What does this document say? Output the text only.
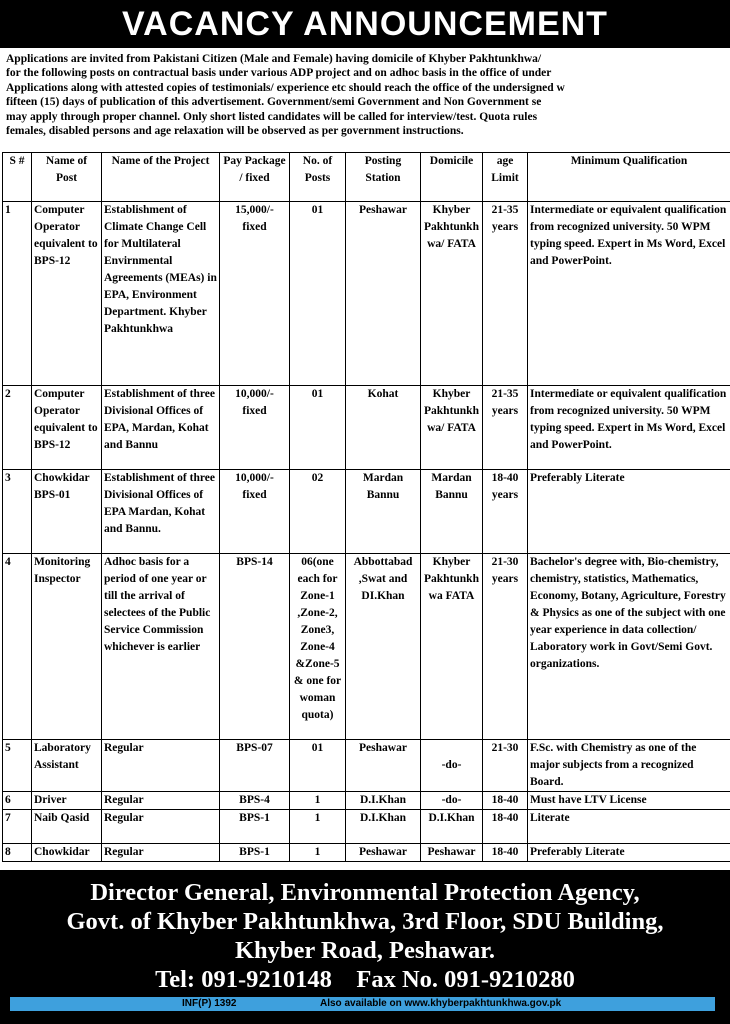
VACANCY ANNOUNCEMENT
Applications are invited from Pakistani Citizen (Male and Female) having domicile of Khyber Pakhtunkhwa/
for the following posts on contractual basis under various ADP project and on adhoc basis in the office of under
Applications along with attested copies of testimonials/ experience etc should reach the office of the undersigned w
fifteen (15) days of publication of this advertisement. Government/semi Government and Non Government se
may apply through proper channel. Only short listed candidates will be called for interview/test. Quota rules
females, disabled persons and age relaxation will be observed as per government instructions.
S #	Name of Post	Name of the Project	Pay Package / fixed	No. of Posts	Posting Station	Domicile	age Limit	Minimum Qualification
1	Computer Operator equivalent to BPS-12	Establishment of Climate Change Cell for Multilateral Envirnmental Agreements (MEAs) in EPA, Environment Department. Khyber Pakhtunkhwa	15,000/- fixed	01	Peshawar	Khyber Pakhtunkhwa/ FATA	21-35 years	Intermediate or equivalent qualification from recognized university. 50 WPM typing speed. Expert in Ms Word, Excel and PowerPoint.
2	Computer Operator equivalent to BPS-12	Establishment of three Divisional Offices of EPA, Mardan, Kohat and Bannu	10,000/- fixed	01	Kohat	Khyber Pakhtunkhwa/ FATA	21-35 years	Intermediate or equivalent qualification from recognized university. 50 WPM typing speed. Expert in Ms Word, Excel and PowerPoint.
3	Chowkidar BPS-01	Establishment of three Divisional Offices of EPA Mardan, Kohat and Bannu.	10,000/- fixed	02	Mardan Bannu	Mardan Bannu	18-40 years	Preferably Literate
4	Monitoring Inspector	Adhoc basis for a period of one year or till the arrival of selectees of the Public Service Commission whichever is earlier	BPS-14	06(one each for Zone-1 ,Zone-2, Zone3, Zone-4 &Zone-5 & one for woman quota)	Abbottabad ,Swat and DI.Khan	Khyber Pakhtunkhwa FATA	21-30 years	Bachelor's degree with, Bio-chemistry, chemistry, statistics, Mathematics, Economy, Botany, Agriculture, Forestry & Physics as one of the subject with one year experience in data collection/ Laboratory work in Govt/Semi Govt. organizations.
5	Laboratory Assistant	Regular	BPS-07	01	Peshawar	-do-	21-30	F.Sc. with Chemistry as one of the major subjects from a recognized Board.
6	Driver	Regular	BPS-4	1	D.I.Khan	-do-	18-40	Must have LTV License
7	Naib Qasid	Regular	BPS-1	1	D.I.Khan	D.I.Khan	18-40	Literate
8	Chowkidar	Regular	BPS-1	1	Peshawar	Peshawar	18-40	Preferably Literate
Director General, Environmental Protection Agency,
Govt. of Khyber Pakhtunkhwa, 3rd Floor, SDU Building,
Khyber Road, Peshawar.
Tel: 091-9210148 Fax No. 091-9210280
INF(P) 1392	Also available on www.khyberpakhtunkhwa.gov.pk
